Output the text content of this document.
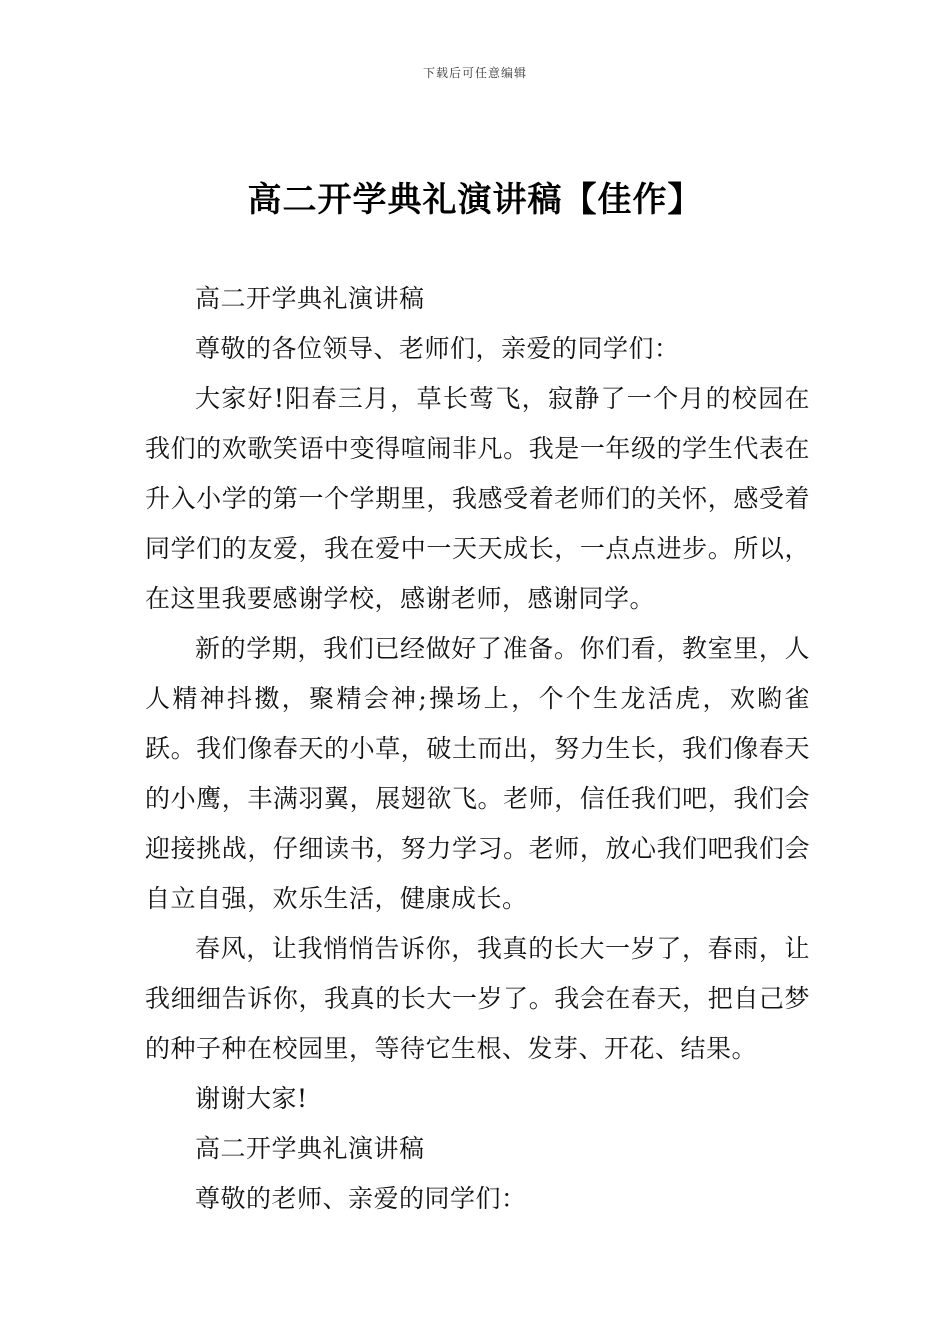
下载后可任意编辑
高二开学典礼演讲稿【佳作】

高二开学典礼演讲稿

尊敬的各位领导、老师们，亲爱的同学们：

大家好!阳春三月，草长莺飞，寂静了一个月的校园在我们的欢歌笑语中变得喧闹非凡。我是一年级的学生代表在升入小学的第一个学期里，我感受着老师们的关怀，感受着同学们的友爱，我在爱中一天天成长，一点点进步。所以，在这里我要感谢学校，感谢老师，感谢同学。

新的学期，我们已经做好了准备。你们看，教室里，人人精神抖擞，聚精会神;操场上，个个生龙活虎，欢喲雀跃。我们像春天的小草，破土而出，努力生长，我们像春天的小鹰，丰满羽翼，展翅欲飞。老师，信任我们吧，我们会迎接挑战，仔细读书，努力学习。老师，放心我们吧我们会自立自强，欢乐生活，健康成长。

春风，让我悄悄告诉你，我真的长大一岁了，春雨，让我细细告诉你，我真的长大一岁了。我会在春天，把自己梦的种子种在校园里，等待它生根、发芽、开花、结果。

谢谢大家!

高二开学典礼演讲稿

尊敬的老师、亲爱的同学们：
